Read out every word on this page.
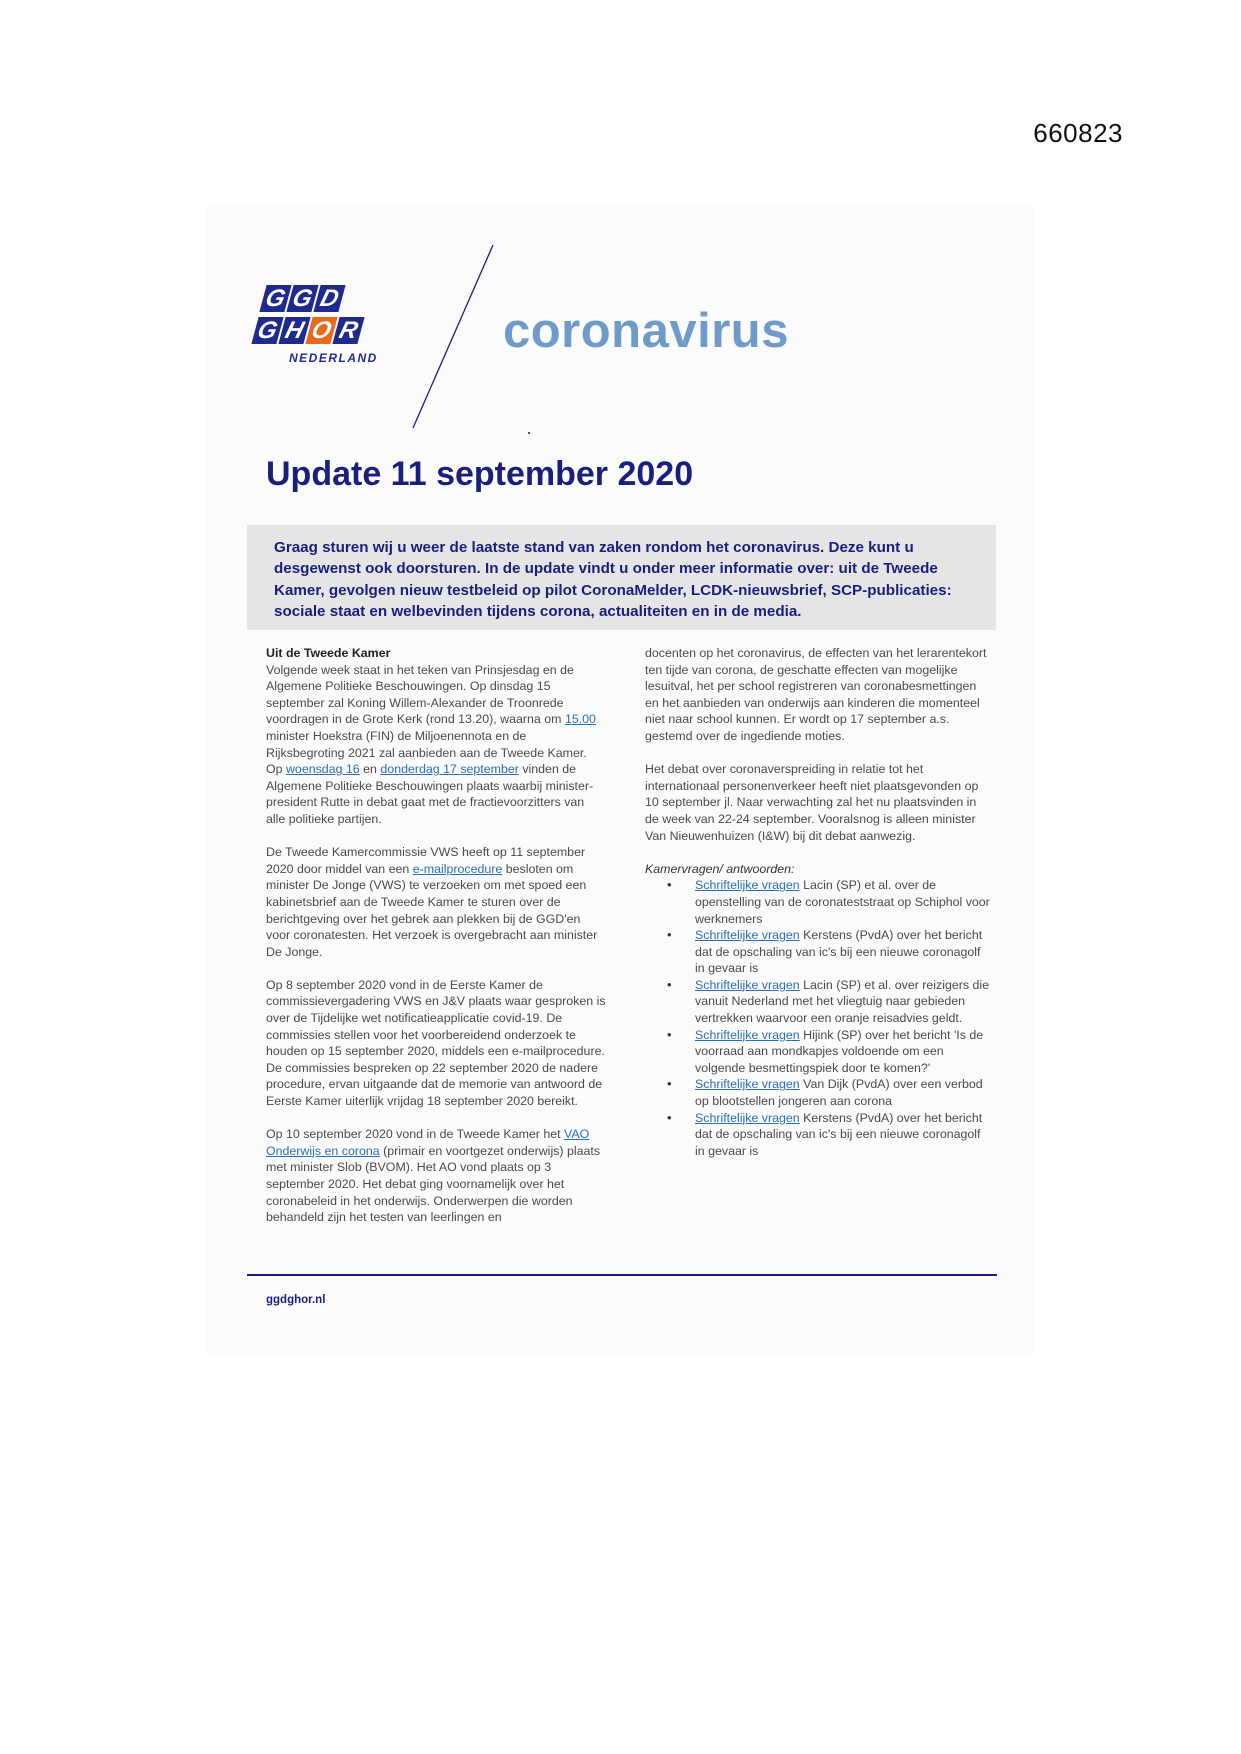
660823
G G D
G H O R
NEDERLAND	coronavirus
Update 11 september 2020

Graag sturen wij u weer de laatste stand van zaken rondom het coronavirus. Deze kunt u desgewenst ook doorsturen. In de update vindt u onder meer informatie over: uit de Tweede Kamer, gevolgen nieuw testbeleid op pilot CoronaMelder, LCDK-nieuwsbrief, SCP-publicaties: sociale staat en welbevinden tijdens corona, actualiteiten en in de media.

Uit de Tweede Kamer

Volgende week staat in het teken van Prinsjesdag en de Algemene Politieke Beschouwingen. Op dinsdag 15 september zal Koning Willem-Alexander de Troonrede voordragen in de Grote Kerk (rond 13.20), waarna om 15.00 minister Hoekstra (FIN) de Miljoenennota en de Rijksbegroting 2021 zal aanbieden aan de Tweede Kamer. Op woensdag 16 en donderdag 17 september vinden de Algemene Politieke Beschouwingen plaats waarbij minister-president Rutte in debat gaat met de fractievoorzitters van alle politieke partijen.

De Tweede Kamercommissie VWS heeft op 11 september 2020 door middel van een e-mailprocedure besloten om minister De Jonge (VWS) te verzoeken om met spoed een kabinetsbrief aan de Tweede Kamer te sturen over de berichtgeving over het gebrek aan plekken bij de GGD'en voor coronatesten. Het verzoek is overgebracht aan minister De Jonge.

Op 8 september 2020 vond in de Eerste Kamer de commissievergadering VWS en J&V plaats waar gesproken is over de Tijdelijke wet notificatieapplicatie covid-19. De commissies stellen voor het voorbereidend onderzoek te houden op 15 september 2020, middels een e-mailprocedure. De commissies bespreken op 22 september 2020 de nadere procedure, ervan uitgaande dat de memorie van antwoord de Eerste Kamer uiterlijk vrijdag 18 september 2020 bereikt.

Op 10 september 2020 vond in de Tweede Kamer het VAO Onderwijs en corona (primair en voortgezet onderwijs) plaats met minister Slob (BVOM). Het AO vond plaats op 3 september 2020. Het debat ging voornamelijk over het coronabeleid in het onderwijs. Onderwerpen die worden behandeld zijn het testen van leerlingen en

docenten op het coronavirus, de effecten van het lerarentekort ten tijde van corona, de geschatte effecten van mogelijke lesuitval, het per school registreren van coronabesmettingen en het aanbieden van onderwijs aan kinderen die momenteel niet naar school kunnen. Er wordt op 17 september a.s. gestemd over de ingediende moties.

Het debat over coronaverspreiding in relatie tot het internationaal personenverkeer heeft niet plaatsgevonden op 10 september jl. Naar verwachting zal het nu plaatsvinden in de week van 22-24 september. Vooralsnog is alleen minister Van Nieuwenhuizen (I&W) bij dit debat aanwezig.

Kamervragen/ antwoorden:
• Schriftelijke vragen Lacin (SP) et al. over de openstelling van de coronateststraat op Schiphol voor werknemers
• Schriftelijke vragen Kerstens (PvdA) over het bericht dat de opschaling van ic's bij een nieuwe coronagolf in gevaar is
• Schriftelijke vragen Lacin (SP) et al. over reizigers die vanuit Nederland met het vliegtuig naar gebieden vertrekken waarvoor een oranje reisadvies geldt.
• Schriftelijke vragen Hijink (SP) over het bericht 'Is de voorraad aan mondkapjes voldoende om een volgende besmettingspiek door te komen?'
• Schriftelijke vragen Van Dijk (PvdA) over een verbod op blootstellen jongeren aan corona
• Schriftelijke vragen Kerstens (PvdA) over het bericht dat de opschaling van ic's bij een nieuwe coronagolf in gevaar is
ggdghor.nl
